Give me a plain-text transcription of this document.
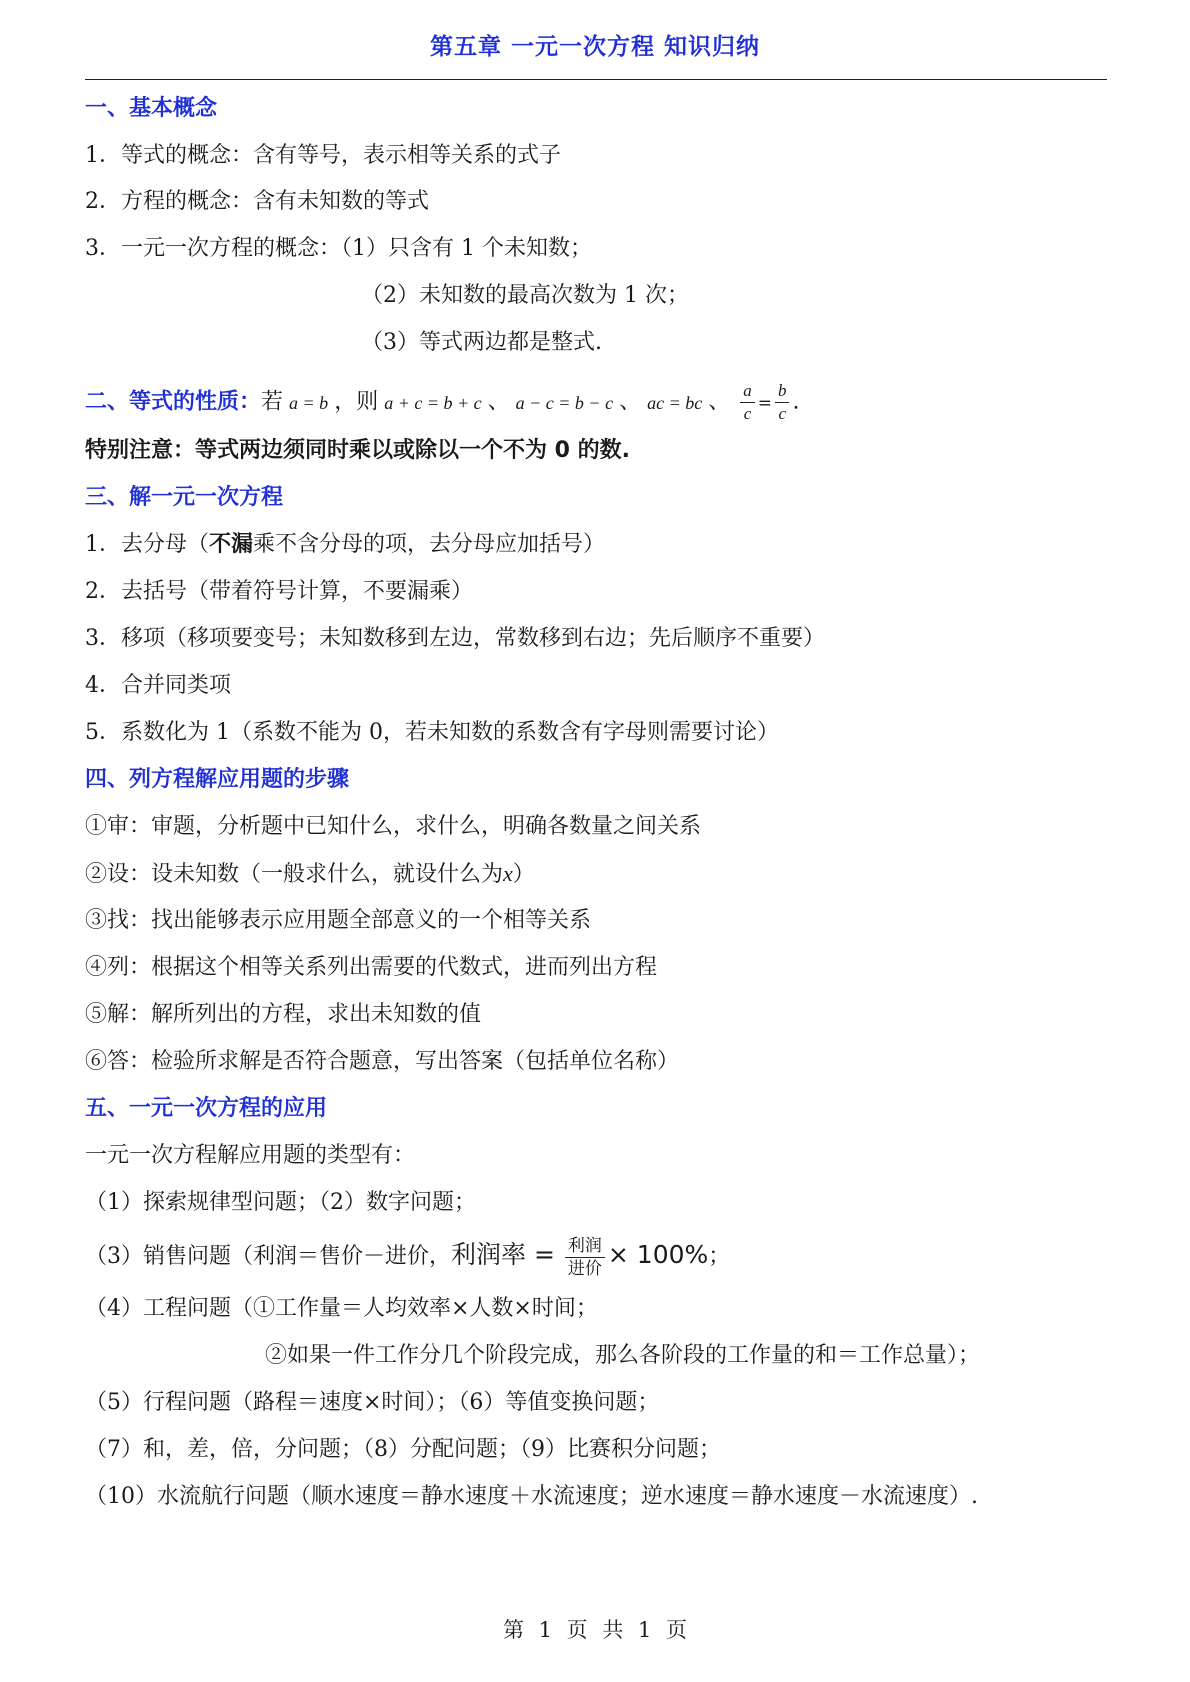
第五章 一元一次方程 知识归纳
一、基本概念
1．等式的概念：含有等号，表示相等关系的式子
2．方程的概念：含有未知数的等式
3．一元一次方程的概念：（1）只含有 1 个未知数；
（2）未知数的最高次数为 1 次；
（3）等式两边都是整式.
二、等式的性质：若 a = b ，则 a + c = b + c 、 a − c = b − c 、 ac = bc 、 $\frac{a}{c} = \frac{b}{c}$ .
特别注意：等式两边须同时乘以或除以一个不为 0 的数.
三、解一元一次方程
1．去分母（不漏乘不含分母的项，去分母应加括号）
2．去括号（带着符号计算，不要漏乘）
3．移项（移项要变号；未知数移到左边，常数移到右边；先后顺序不重要）
4．合并同类项
5．系数化为 1（系数不能为 0，若未知数的系数含有字母则需要讨论）
四、列方程解应用题的步骤
①审：审题，分析题中已知什么，求什么，明确各数量之间关系
②设：设未知数（一般求什么，就设什么为x）
③找：找出能够表示应用题全部意义的一个相等关系
④列：根据这个相等关系列出需要的代数式，进而列出方程
⑤解：解所列出的方程，求出未知数的值
⑥答：检验所求解是否符合题意，写出答案（包括单位名称）
五、一元一次方程的应用
一元一次方程解应用题的类型有：
（1）探索规律型问题；（2）数字问题；
（3）销售问题（利润＝售价－进价，利润率 = $\frac{\text{利润}}{\text{进价}} \times 100\%$；
（4）工程问题（①工作量＝人均效率×人数×时间；
②如果一件工作分几个阶段完成，那么各阶段的工作量的和＝工作总量）；
（5）行程问题（路程＝速度×时间）；（6）等值变换问题；
（7）和，差，倍，分问题；（8）分配问题；（9）比赛积分问题；
（10）水流航行问题（顺水速度＝静水速度＋水流速度；逆水速度＝静水速度－水流速度）.
第 1 页 共 1 页
